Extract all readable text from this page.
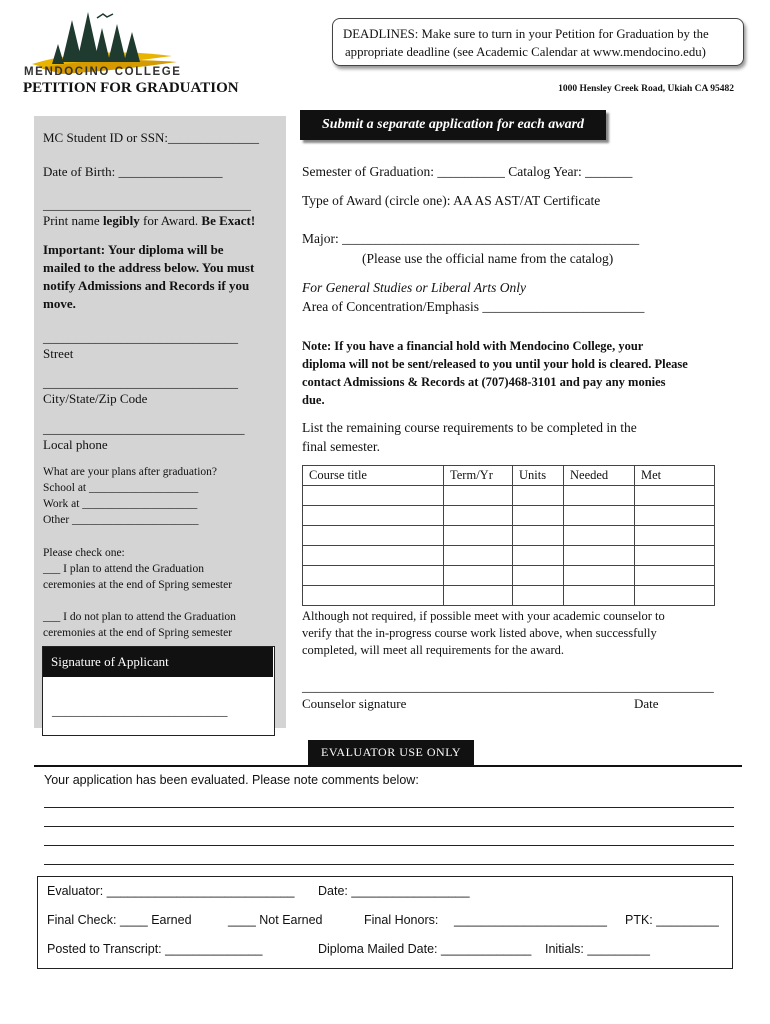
MENDOCINO COLLEGE
PETITION FOR GRADUATION
DEADLINES: Make sure to turn in your Petition for Graduation by the
appropriate deadline (see Academic Calendar at www.mendocino.edu)
1000 Hensley Creek Road, Ukiah CA 95482
MC Student ID or SSN:______________
Date of Birth: ________________
________________________________
Print name legibly for Award. Be Exact!
Important: Your diploma will be
mailed to the address below. You must
notify Admissions and Records if you
move.
______________________________
Street
______________________________
City/State/Zip Code
_______________________________
Local phone
What are your plans after graduation?
School at ___________________
Work at ____________________
Other ______________________
Please check one:
___ I plan to attend the Graduation
ceremonies at the end of Spring semester
___ I do not plan to attend the Graduation
ceremonies at the end of Spring semester
Signature of Applicant
___________________________
Submit a separate application for each award
Semester of Graduation: __________ Catalog Year: _______
Type of Award (circle one): AA AS AST/AT Certificate
Major: ____________________________________________
(Please use the official name from the catalog)
For General Studies or Liberal Arts Only
Area of Concentration/Emphasis ________________________
Note: If you have a financial hold with Mendocino College, your
diploma will not be sent/released to you until your hold is cleared. Please
contact Admissions & Records at (707)468-3101 and pay any monies
due.
List the remaining course requirements to be completed in the
final semester.
Course title	Term/Yr	Units	Needed	Met

Although not required, if possible meet with your academic counselor to
verify that the in-progress course work listed above, when successfully
completed, will meet all requirements for the award.
_____________________________________________________________
Counselor signature	Date
EVALUATOR USE ONLY
Your application has been evaluated. Please note comments below:
Evaluator: ___________________________ Date: _________________
Final Check: ____ Earned	____ Not Earned	Final Honors: ______________________ PTK: _________
Posted to Transcript: ______________	Diploma Mailed Date: _____________ Initials: _________
